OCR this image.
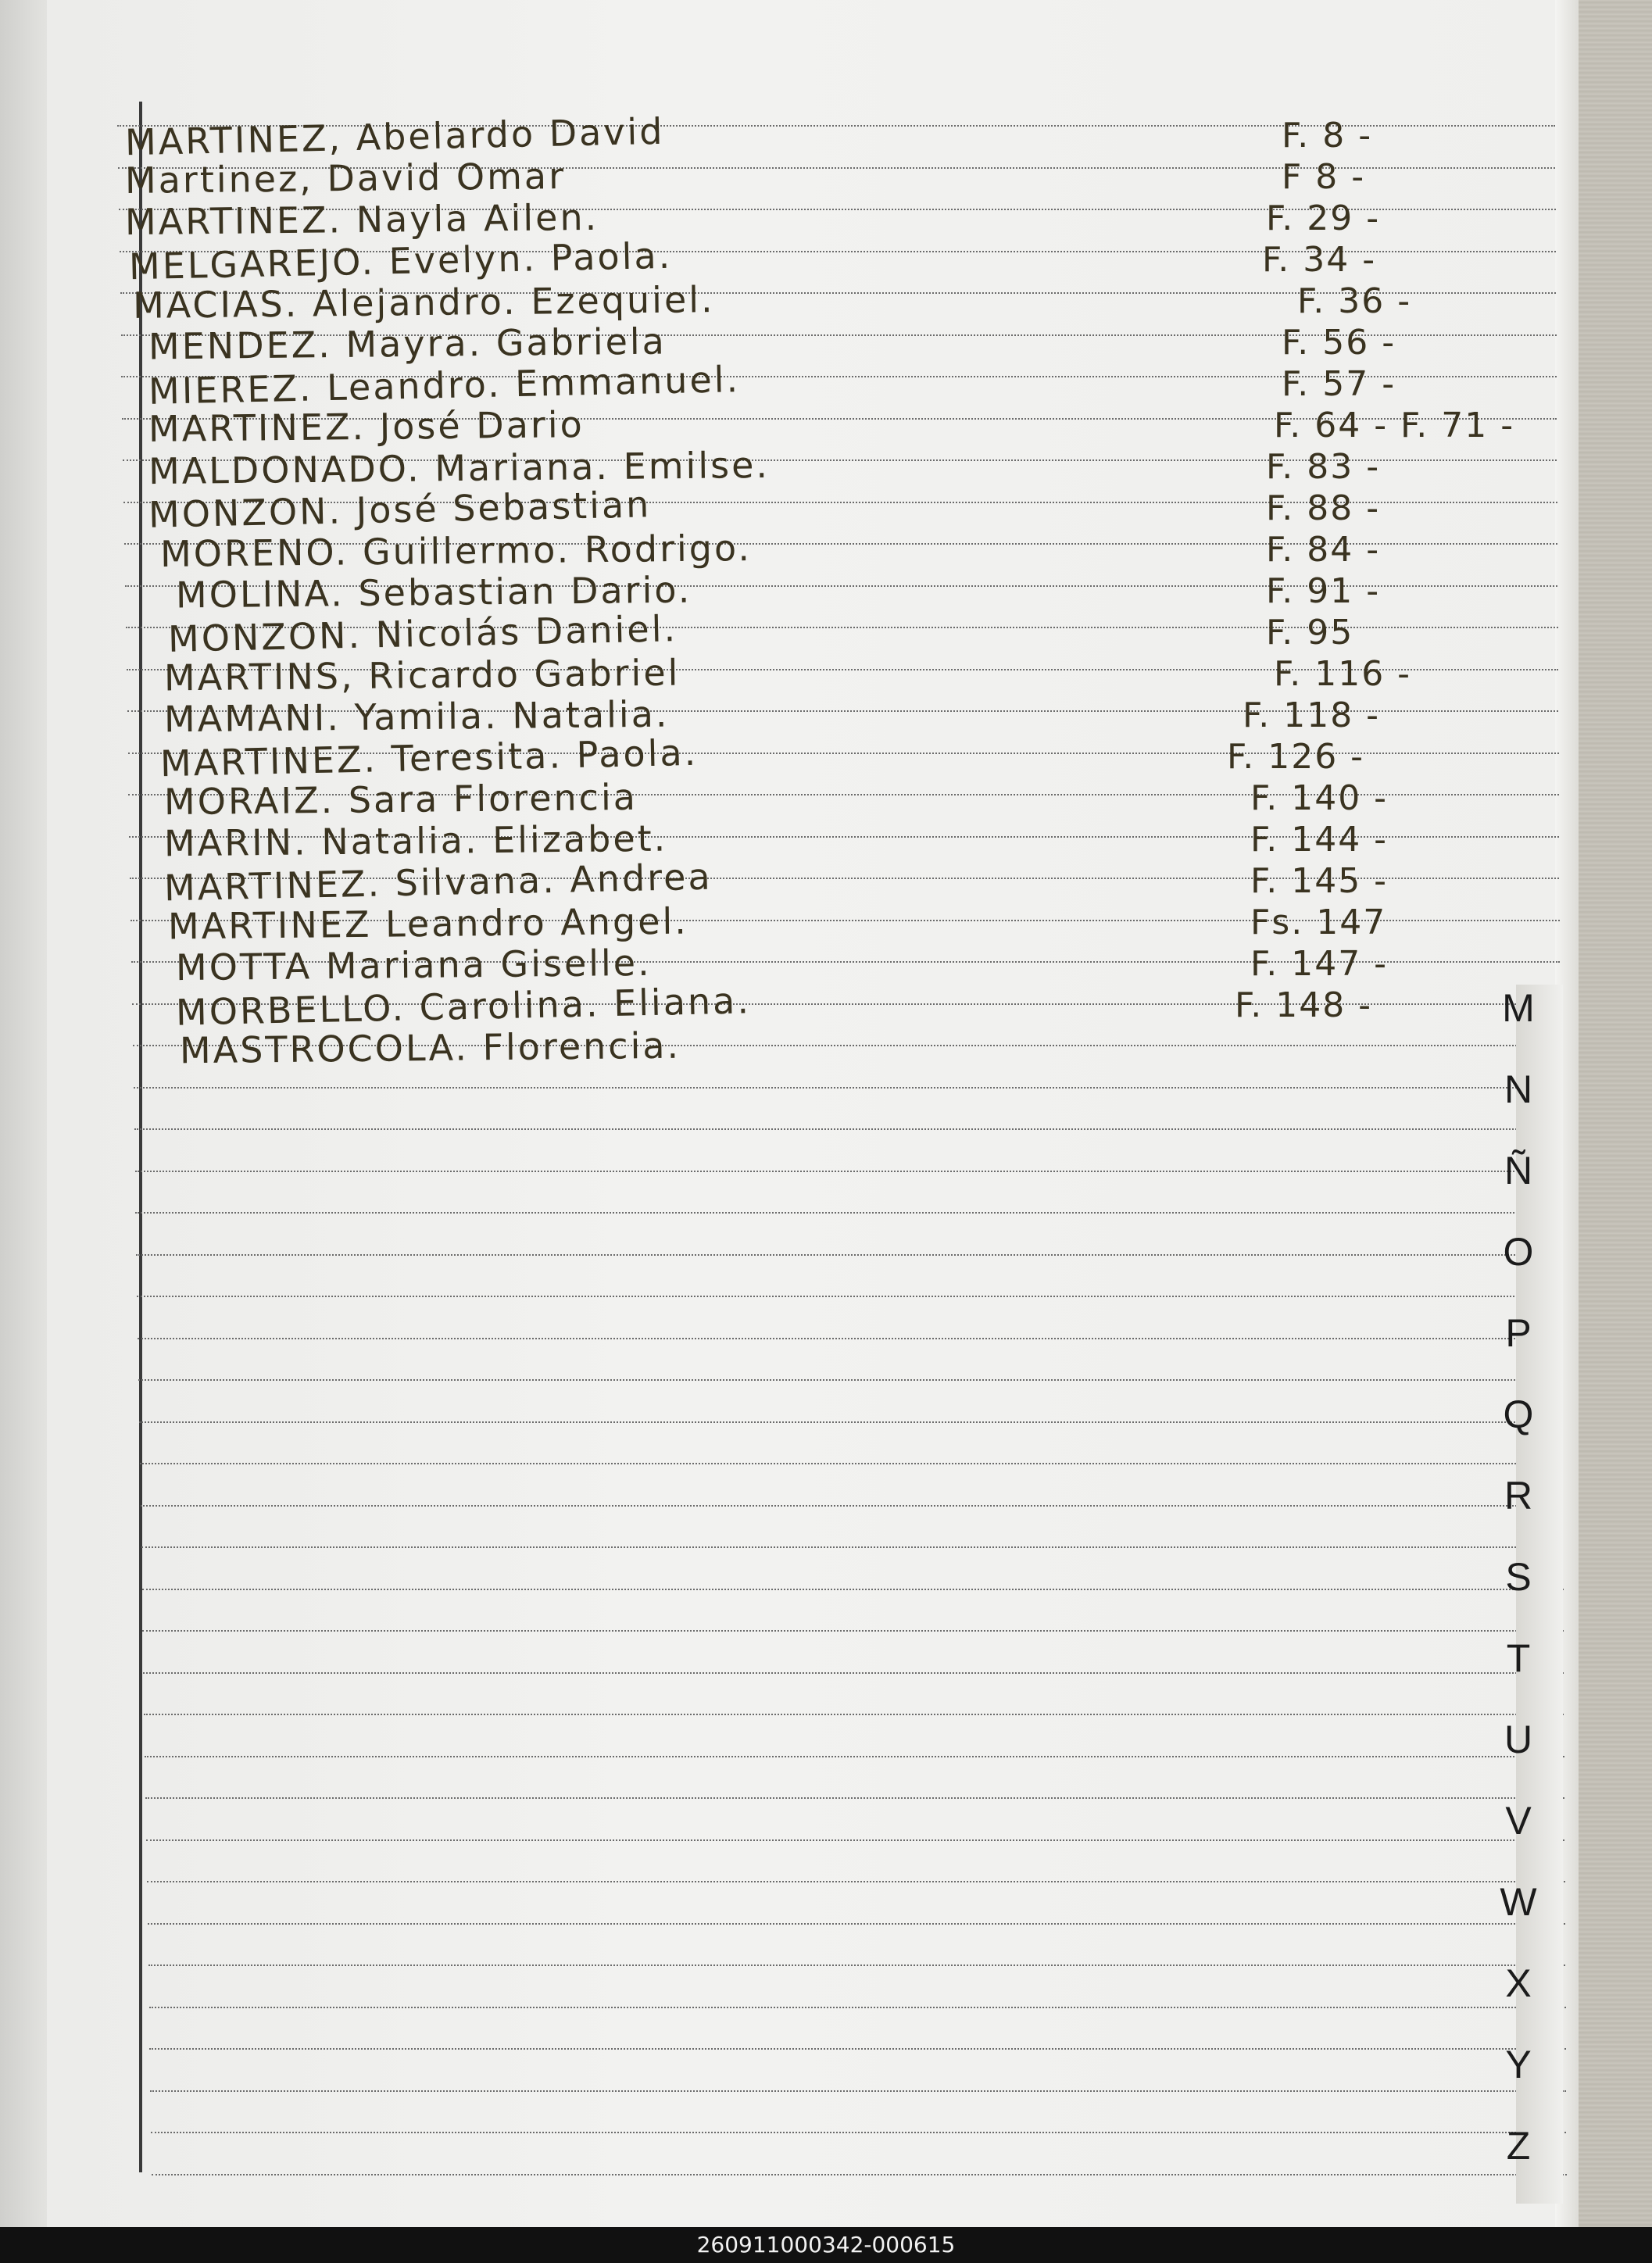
MARTINEZ, Abelardo David	F. 8 -
Martinez, David Omar	F 8 -
MARTINEZ. Nayla Ailen.	F. 29 -
MELGAREJO. Evelyn. Paola.	F. 34 -
MACIAS. Alejandro. Ezequiel.	F. 36 -
MENDEZ. Mayra. Gabriela	F. 56 -
MIEREZ. Leandro. Emmanuel.	F. 57 -
MARTINEZ. José Dario	F. 64 - F. 71 -
MALDONADO. Mariana. Emilse.	F. 83 -
MONZON. José Sebastian	F. 88 -
MORENO. Guillermo. Rodrigo.	F. 84 -
MOLINA. Sebastian Dario.	F. 91 -
MONZON. Nicolás Daniel.	F. 95
MARTINS, Ricardo Gabriel	F. 116 -
MAMANI. Yamila. Natalia.	F. 118 -
MARTINEZ. Teresita. Paola.	F. 126 -
MORAIZ. Sara Florencia	F. 140 -
MARIN. Natalia. Elizabet.	F. 144 -
MARTINEZ. Silvana. Andrea	F. 145 -
MARTINEZ Leandro Angel.	Fs. 147
MOTTA Mariana Giselle.	F. 147 -
MORBELLO. Carolina. Eliana.	F. 148 -
MASTROCOLA. Florencia.
M
N
Ñ
O
P
Q
R
S
T
U
V
W
X
Y
Z
260911000342-000615
